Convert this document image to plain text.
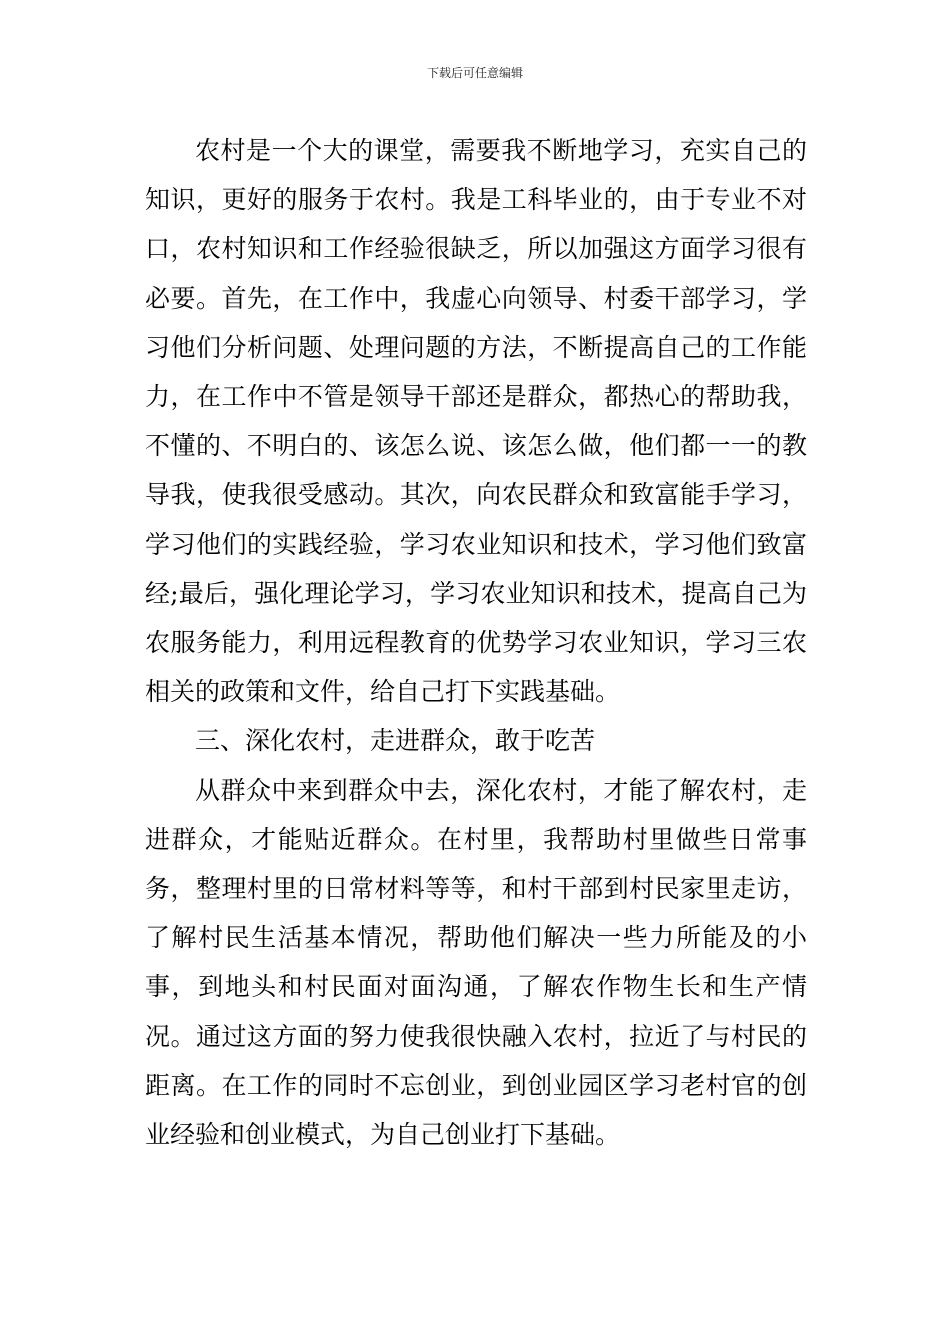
下载后可任意编辑

农村是一个大的课堂，需要我不断地学习，充实自己的知识，更好的服务于农村。我是工科毕业的，由于专业不对口，农村知识和工作经验很缺乏，所以加强这方面学习很有必要。首先，在工作中，我虚心向领导、村委干部学习，学习他们分析问题、处理问题的方法，不断提高自己的工作能力，在工作中不管是领导干部还是群众，都热心的帮助我，不懂的、不明白的、该怎么说、该怎么做，他们都一一的教导我，使我很受感动。其次，向农民群众和致富能手学习，学习他们的实践经验，学习农业知识和技术，学习他们致富经;最后，强化理论学习，学习农业知识和技术，提高自己为农服务能力，利用远程教育的优势学习农业知识，学习三农相关的政策和文件，给自己打下实践基础。

三、深化农村，走进群众，敢于吃苦

从群众中来到群众中去，深化农村，才能了解农村，走进群众，才能贴近群众。在村里，我帮助村里做些日常事务，整理村里的日常材料等等，和村干部到村民家里走访，了解村民生活基本情况，帮助他们解决一些力所能及的小事，到地头和村民面对面沟通，了解农作物生长和生产情况。通过这方面的努力使我很快融入农村，拉近了与村民的距离。在工作的同时不忘创业，到创业园区学习老村官的创业经验和创业模式，为自己创业打下基础。
